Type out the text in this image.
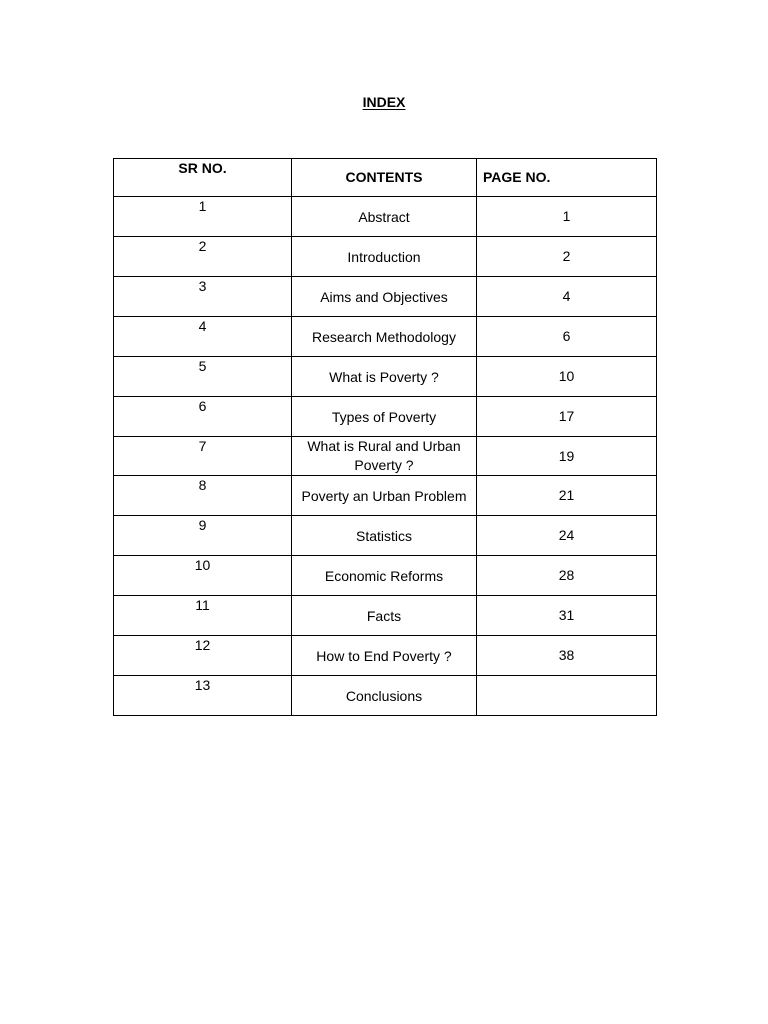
INDEX
SR NO.	CONTENTS	PAGE NO.
1	Abstract	1
2	Introduction	2
3	Aims and Objectives	4
4	Research Methodology	6
5	What is Poverty ?	10
6	Types of Poverty	17
7	What is Rural and Urban Poverty ?	19
8	Poverty an Urban Problem	21
9	Statistics	24
10	Economic Reforms	28
11	Facts	31
12	How to End Poverty ?	38
13	Conclusions	
